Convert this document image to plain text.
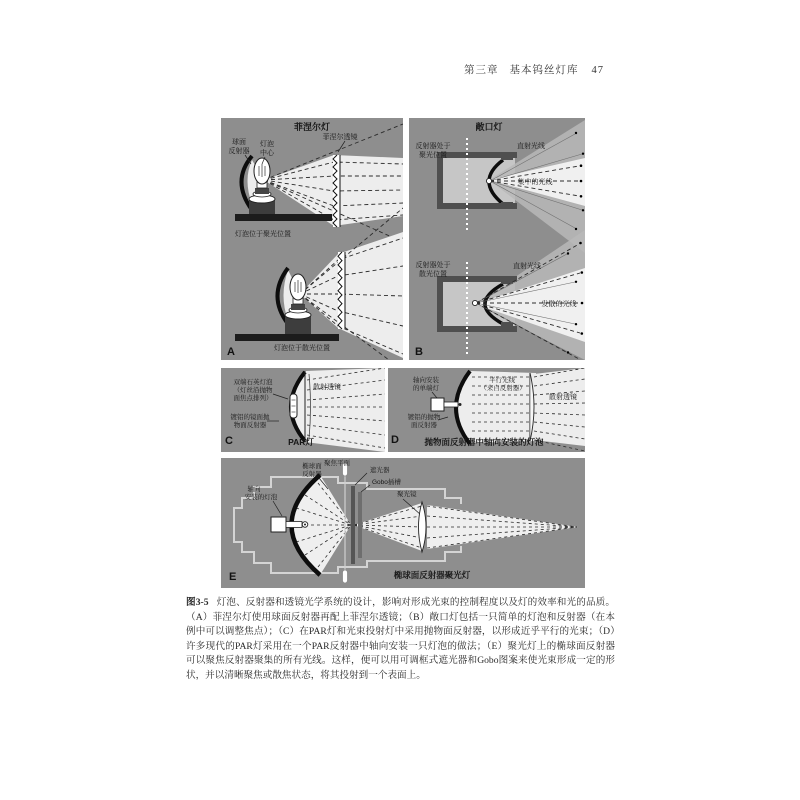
第三章 基本钨丝灯库 47
菲涅尔灯
球面
反射器
灯泡
中心
菲涅尔透镜
灯泡位于聚光位置
灯泡位于散光位置
A
敞口灯
反射器处于
聚光位置
直射光线
集中的光线
反射器处于
散光位置
直射光线
发散的光线
B
双端石英灯泡
（灯丝沿抛物
面焦点排列）
散射透镜
镀铝的镜面抛
物面反射器
PAR灯
C
轴向安装
的单端灯
平行光线
（来自反射器）
散射透镜
镀铝的抛物
面反射器
抛物面反射器中轴向安装的灯泡
D
椭球面
反射器
轴向
安装的灯泡
聚焦平面
遮光器
Gobo插槽
聚光镜
椭球面反射器聚光灯
E
图3-5 灯泡、反射器和透镜光学系统的设计，影响对形成光束的控制程度以及灯的效率和光的品质。（A）菲涅尔灯使用球面反射器再配上菲涅尔透镜；（B）敞口灯包括一只简单的灯泡和反射器（在本例中可以调整焦点）；（C）在PAR灯和光束投射灯中采用抛物面反射器，以形成近乎平行的光束；（D）许多现代的PAR灯采用在一个PAR反射器中轴向安装一只灯泡的做法；（E）聚光灯上的椭球面反射器可以聚焦反射器聚集的所有光线。这样，便可以用可调框式遮光器和Gobo图案来使光束形成一定的形状，并以清晰聚焦或散焦状态，将其投射到一个表面上。
